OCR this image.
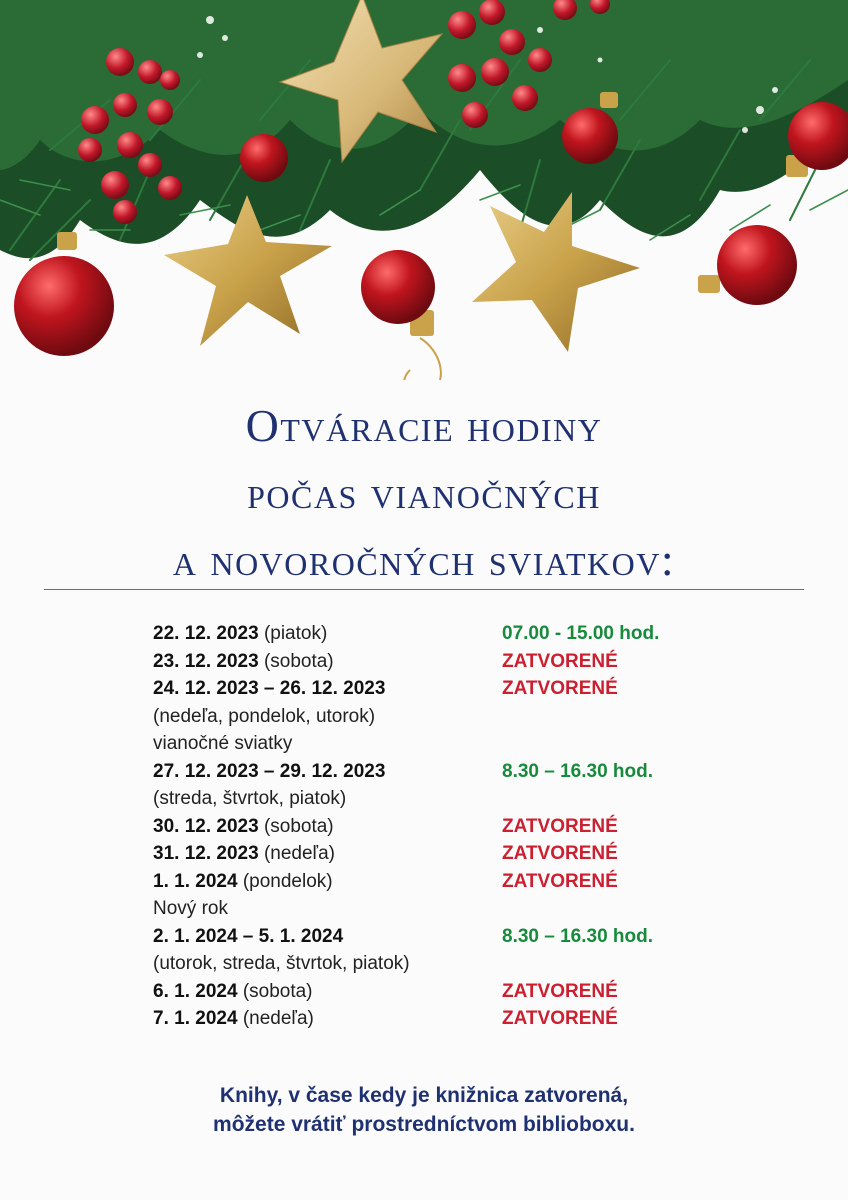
Otváracie hodiny
počas vianočných
a novoročných sviatkov:
22. 12. 2023 (piatok)	07.00 - 15.00 hod.
23. 12. 2023 (sobota)	ZATVORENÉ
24. 12. 2023 – 26. 12. 2023	ZATVORENÉ
(nedeľa, pondelok, utorok)
vianočné sviatky
27. 12. 2023 – 29. 12. 2023	8.30 – 16.30 hod.
(streda, štvrtok, piatok)
30. 12. 2023 (sobota)	ZATVORENÉ
31. 12. 2023 (nedeľa)	ZATVORENÉ
1. 1. 2024 (pondelok)	ZATVORENÉ
Nový rok
2. 1. 2024 – 5. 1. 2024	8.30 – 16.30 hod.
(utorok, streda, štvrtok, piatok)
6. 1. 2024 (sobota)	ZATVORENÉ
7. 1. 2024 (nedeľa)	ZATVORENÉ
Knihy, v čase kedy je knižnica zatvorená,
môžete vrátiť prostredníctvom biblioboxu.
